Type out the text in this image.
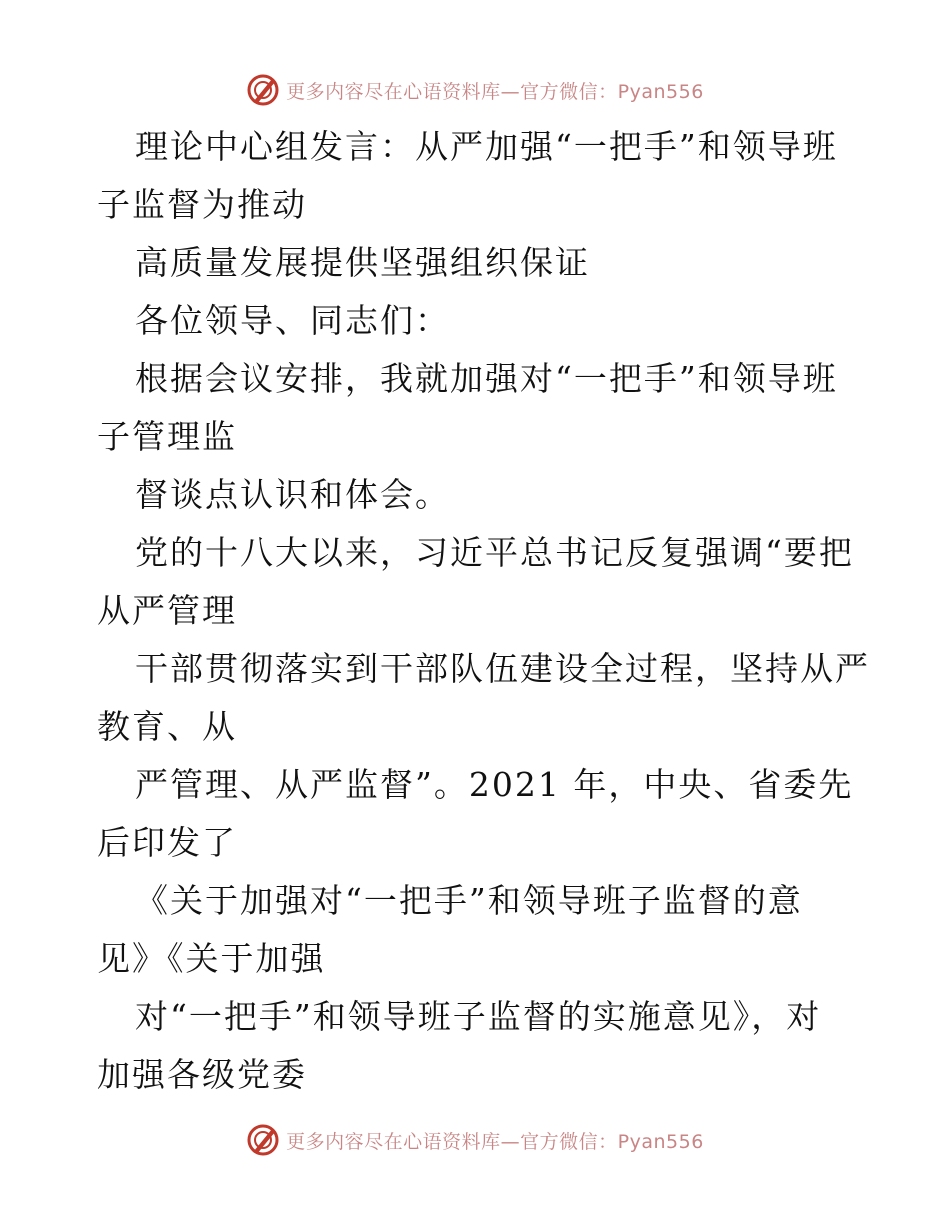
更多内容尽在心语资料库—官方微信：Pyan556
理论中心组发言：从严加强“一把手”和领导班
子监督为推动
高质量发展提供坚强组织保证
各位领导、同志们：
根据会议安排，我就加强对“一把手”和领导班
子管理监
督谈点认识和体会。
党的十八大以来，习近平总书记反复强调“要把
从严管理
干部贯彻落实到干部队伍建设全过程，坚持从严
教育、从
严管理、从严监督”。2021 年，中央、省委先
后印发了
《关于加强对“一把手”和领导班子监督的意
见》《关于加强
对“一把手”和领导班子监督的实施意见》，对
加强各级党委
更多内容尽在心语资料库—官方微信：Pyan556
